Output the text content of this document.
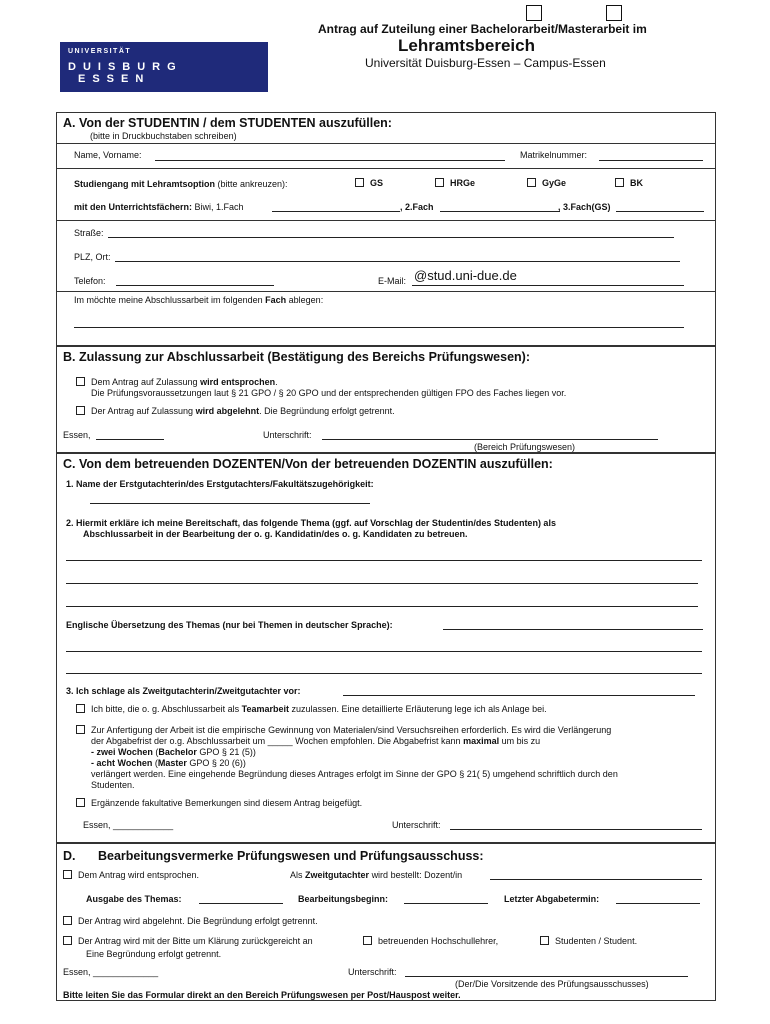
Antrag auf Zuteilung einer Bachelorarbeit/Masterarbeit im
Lehramtsbereich
Universität Duisburg-Essen – Campus-Essen
UNIVERSITÄT
DUISBURG
ESSEN
A. Von der STUDENTIN / dem STUDENTEN auszufüllen:
(bitte in Druckbuchstaben schreiben)
Name, Vorname:	Matrikelnummer:
Studiengang mit Lehramtsoption (bitte ankreuzen):	GS	HRGe	GyGe	BK
mit den Unterrichtsfächern: Biwi, 1.Fach	, 2.Fach	, 3.Fach(GS)
Straße:
PLZ, Ort:
Telefon:	E-Mail: @stud.uni-due.de
Im möchte meine Abschlussarbeit im folgenden Fach ablegen:
B. Zulassung zur Abschlussarbeit (Bestätigung des Bereichs Prüfungswesen):
Dem Antrag auf Zulassung wird entsprochen.
Die Prüfungsvoraussetzungen laut § 21 GPO / § 20 GPO und der entsprechenden gültigen FPO des Faches liegen vor.
Der Antrag auf Zulassung wird abgelehnt. Die Begründung erfolgt getrennt.
Essen,	Unterschrift:
(Bereich Prüfungswesen)
C. Von dem betreuenden DOZENTEN/Von der betreuenden DOZENTIN auszufüllen:
1. Name der Erstgutachterin/des Erstgutachters/Fakultätszugehörigkeit:
2. Hiermit erkläre ich meine Bereitschaft, das folgende Thema (ggf. auf Vorschlag der Studentin/des Studenten) als
Abschlussarbeit in der Bearbeitung der o. g. Kandidatin/des o. g. Kandidaten zu betreuen.
Englische Übersetzung des Themas (nur bei Themen in deutscher Sprache):
3. Ich schlage als Zweitgutachterin/Zweitgutachter vor:
Ich bitte, die o. g. Abschlussarbeit als Teamarbeit zuzulassen. Eine detaillierte Erläuterung lege ich als Anlage bei.
Zur Anfertigung der Arbeit ist die empirische Gewinnung von Materialen/sind Versuchsreihen erforderlich. Es wird die Verlängerung
der Abgabefrist der o.g. Abschlussarbeit um _____ Wochen empfohlen. Die Abgabefrist kann maximal um bis zu
- zwei Wochen (Bachelor GPO § 21 (5))
- acht Wochen (Master GPO § 20 (6))
verlängert werden. Eine eingehende Begründung dieses Antrages erfolgt im Sinne der GPO § 21( 5) umgehend schriftlich durch den
Studenten.
Ergänzende fakultative Bemerkungen sind diesem Antrag beigefügt.
Essen, ____________	Unterschrift:
D. Bearbeitungsvermerke Prüfungswesen und Prüfungsausschuss:
Dem Antrag wird entsprochen.	Als Zweitgutachter wird bestellt: Dozent/in
Ausgabe des Themas:	Bearbeitungsbeginn:	Letzter Abgabetermin:
Der Antrag wird abgelehnt. Die Begründung erfolgt getrennt.
Der Antrag wird mit der Bitte um Klärung zurückgereicht an	betreuenden Hochschullehrer,	Studenten / Student.
Eine Begründung erfolgt getrennt.
Essen, _____________	Unterschrift:
(Der/Die Vorsitzende des Prüfungsausschusses)
Bitte leiten Sie das Formular direkt an den Bereich Prüfungswesen per Post/Hauspost weiter.
